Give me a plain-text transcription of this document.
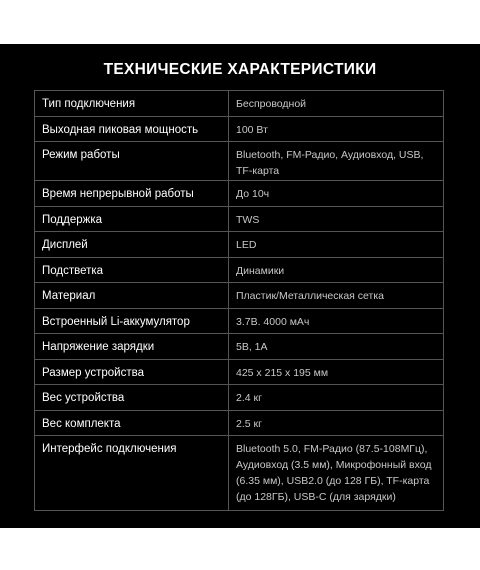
ТЕХНИЧЕСКИЕ ХАРАКТЕРИСТИКИ
Тип подключения	Беспроводной
Выходная пиковая мощность	100 Вт
Режим работы	Bluetooth, FM-Радио, Аудиовход, USB, TF-карта
Время непрерывной работы	До 10ч
Поддержка	TWS
Дисплей	LED
Подстветка	Динамики
Материал	Пластик/Металлическая сетка
Встроенный Li-аккумулятор	3.7В. 4000 мАч
Напряжение зарядки	5В, 1А
Размер устройства	425 x 215 x 195 мм
Вес устройства	2.4 кг
Вес комплекта	2.5 кг
Интерфейс подключения	Bluetooth 5.0, FM-Радио (87.5-108МГц), Аудиовход (3.5 мм), Микрофонный вход (6.35 мм), USB2.0 (до 128 ГБ), TF-карта (до 128ГБ), USB-C (для зарядки)
